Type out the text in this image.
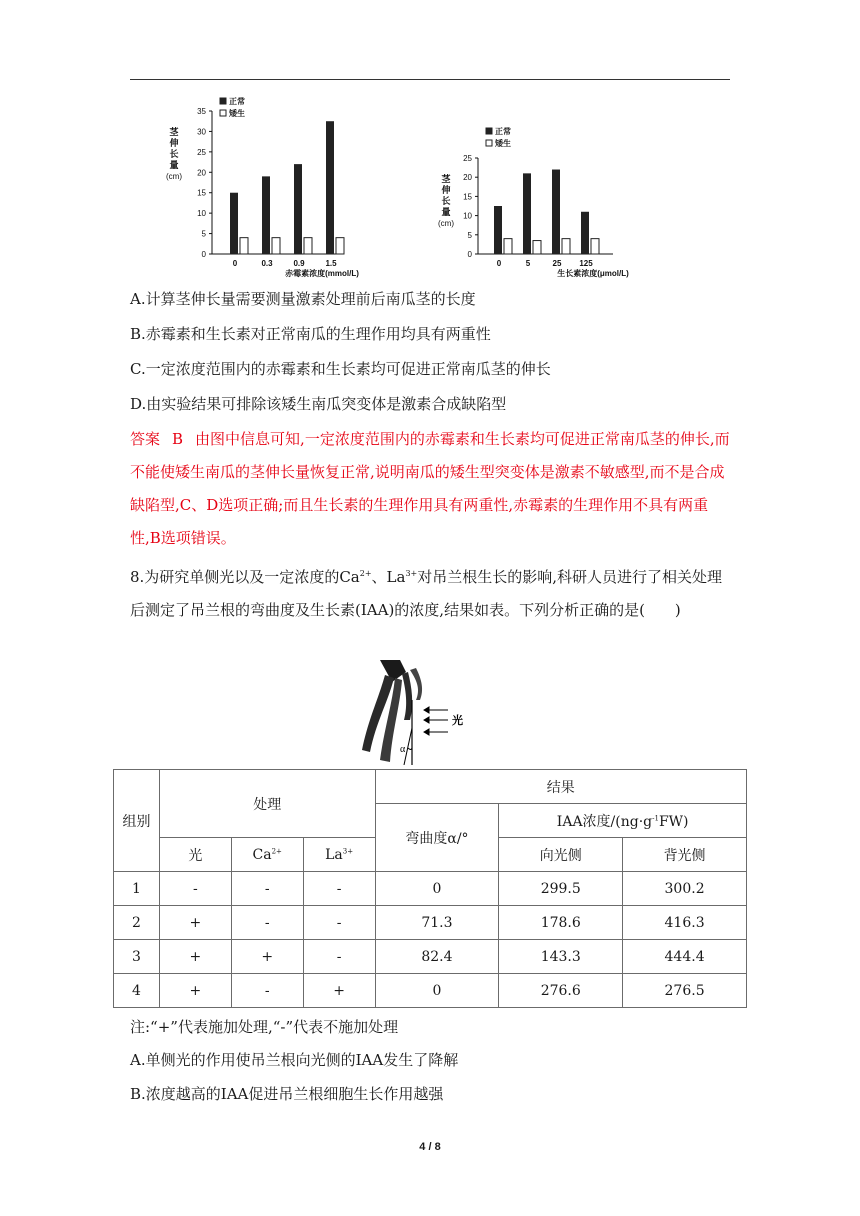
0
5
10
15
20
25
30
35
茎
伸
长
量
(cm)
0	0.3	0.9	1.5
赤霉素浓度(mmol/L)
正常
矮生
0
5
10
15
20
25
茎
伸
长
量
(cm)
0	5	25 125
生长素浓度(μmol/L)
正常
矮生
A.计算茎伸长量需要测量激素处理前后南瓜茎的长度
B.赤霉素和生长素对正常南瓜的生理作用均具有两重性
C.一定浓度范围内的赤霉素和生长素均可促进正常南瓜茎的伸长
D.由实验结果可排除该矮生南瓜突变体是激素合成缺陷型
答案 B 由图中信息可知,一定浓度范围内的赤霉素和生长素均可促进正常南瓜茎的伸长,而不能使矮生南瓜的茎伸长量恢复正常,说明南瓜的矮生型突变体是激素不敏感型,而不是合成缺陷型,C、D选项正确;而且生长素的生理作用具有两重性,赤霉素的生理作用不具有两重性,B选项错误。
8.为研究单侧光以及一定浓度的$Ca^{2+}$、$La^{3+}$对吊兰根生长的影响,科研人员进行了相关处理后测定了吊兰根的弯曲度及生长素(IAA)的浓度,结果如表。下列分析正确的是(　　)
α
光
组别	处理			结果		
				弯曲度α/°	IAA浓度$/(ng\cdot g^{-1}FW)$	
	光	$Ca^{2+}$	$La^{3+}$		向光侧	背光侧
1	-	-	-	0	299.5	300.2
2	+	-	-	71.3	178.6	416.3
3	+	+	-	82.4	143.3	444.4
4	+	-	+	0	276.6	276.5
注:“+”代表施加处理,“-”代表不施加处理
A.单侧光的作用使吊兰根向光侧的IAA发生了降解
B.浓度越高的IAA促进吊兰根细胞生长作用越强
4 / 8
